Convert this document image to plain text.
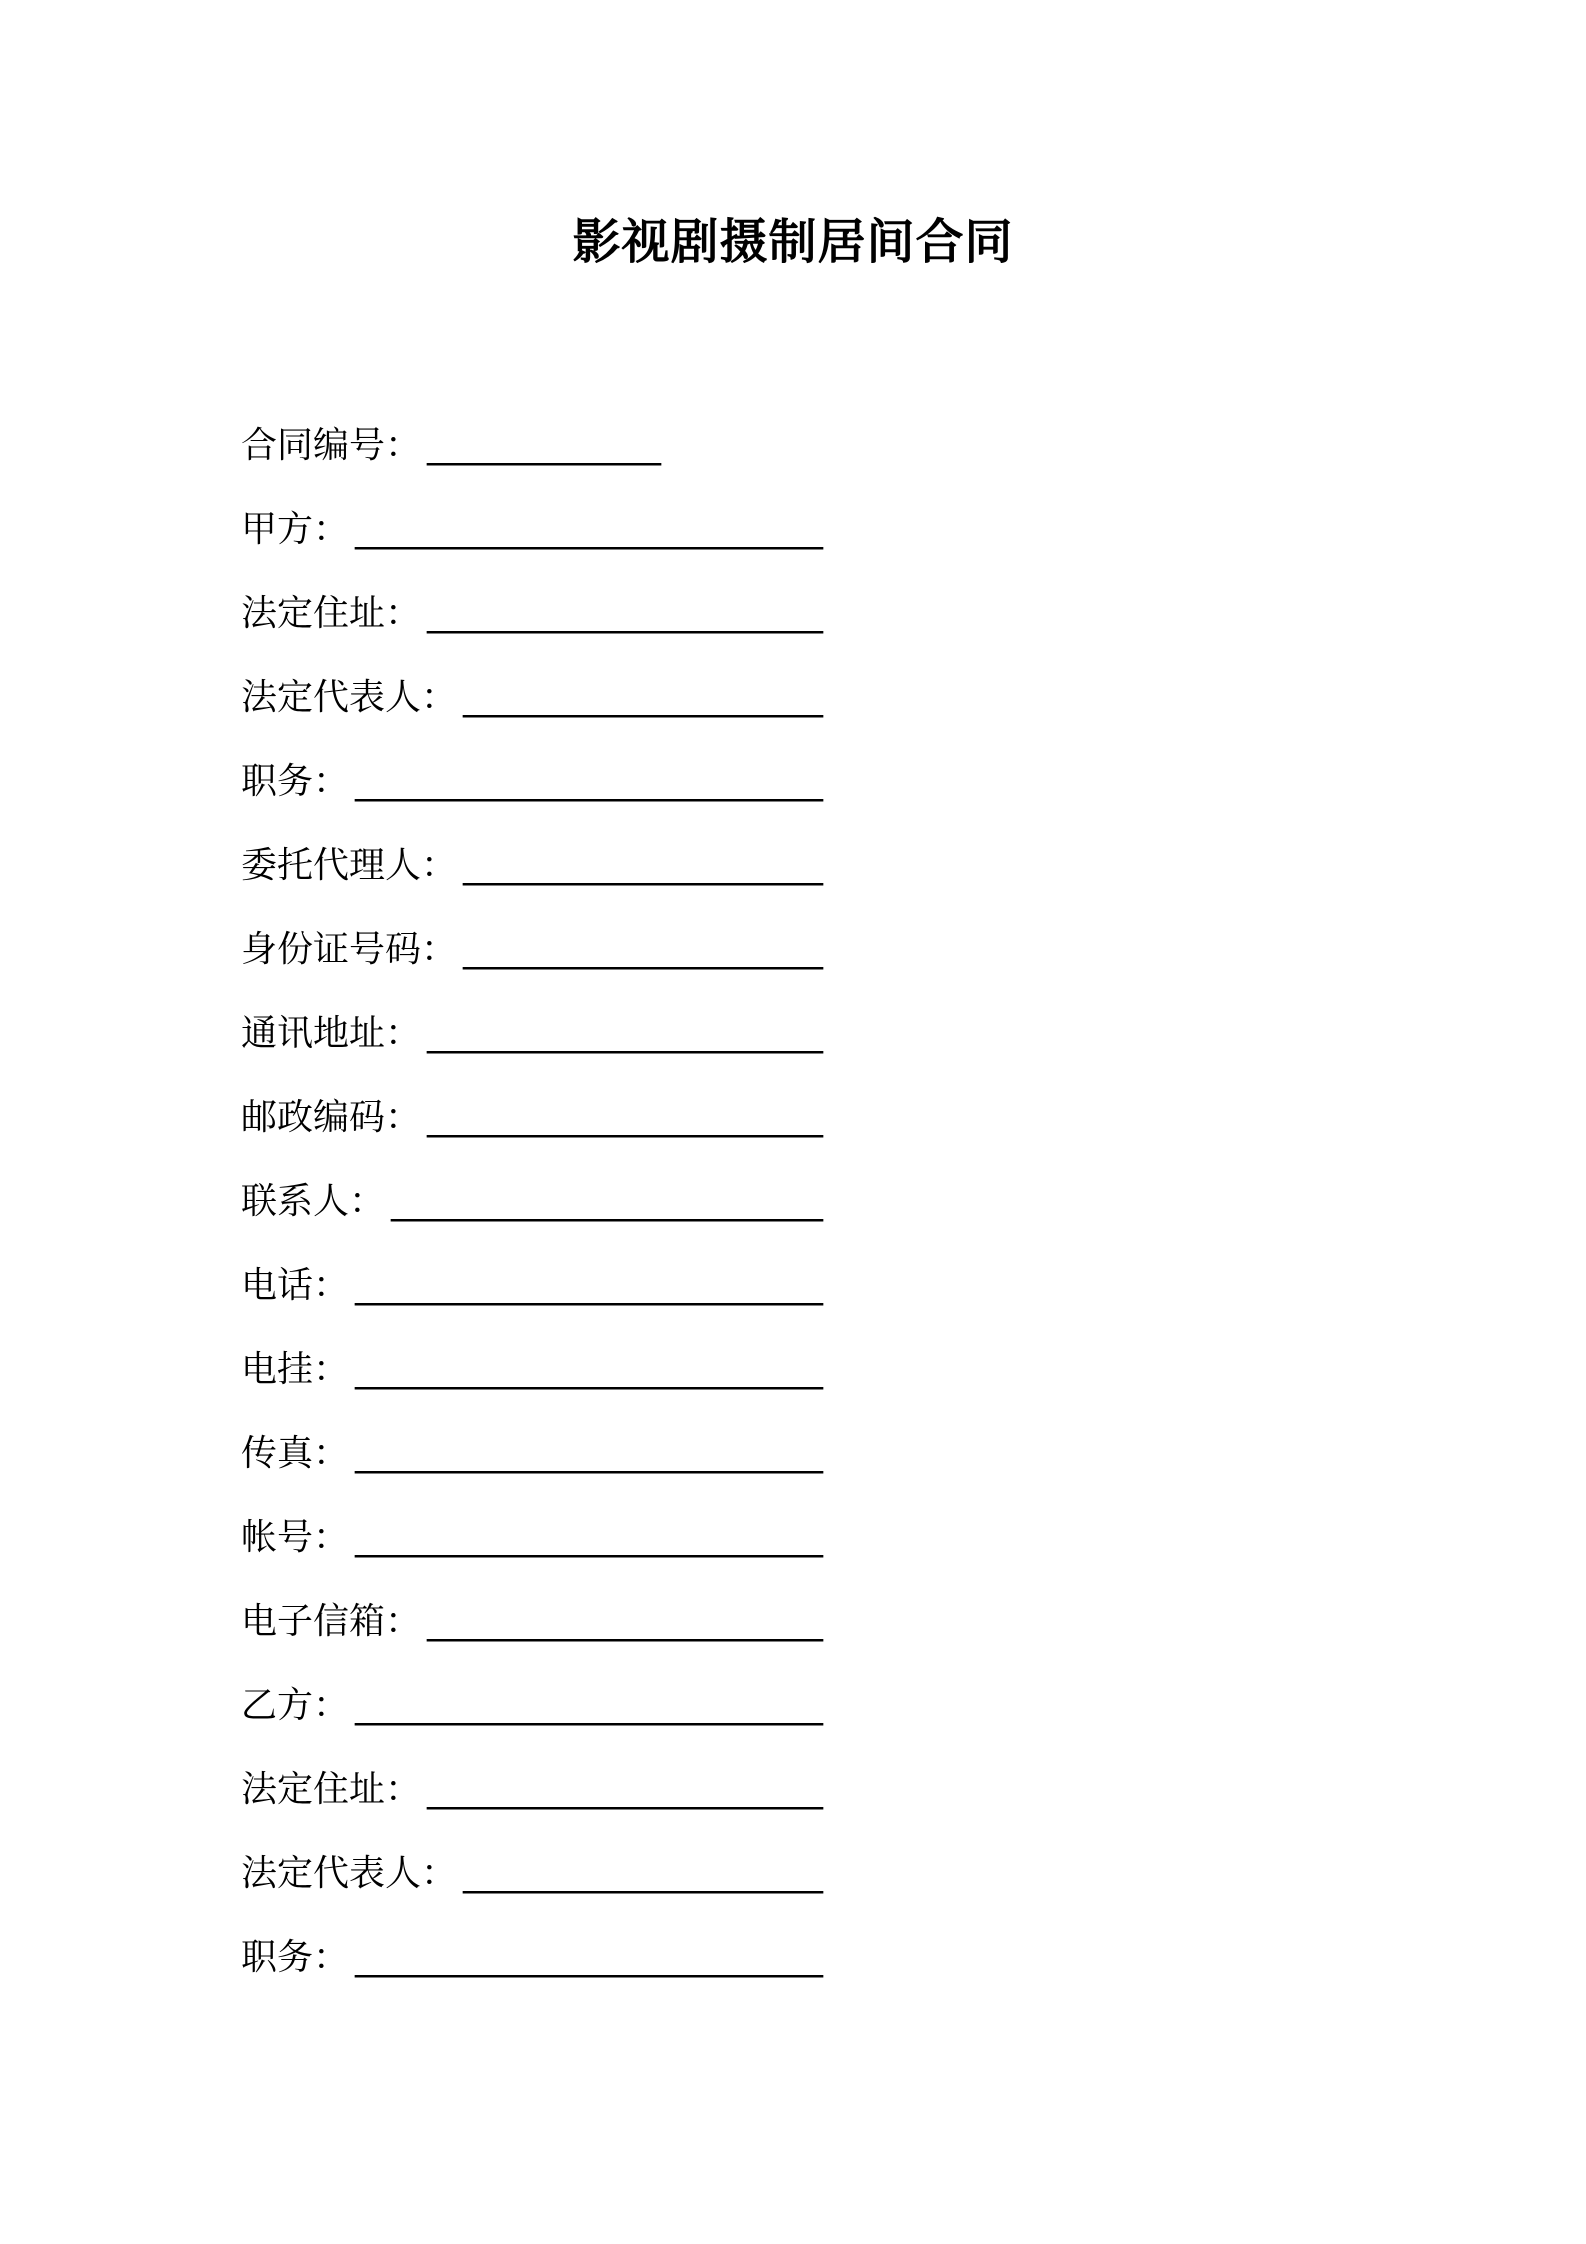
影视剧摄制居间合同
合同编号： _____________
甲方： __________________________
法定住址： ______________________
法定代表人： ____________________
职务： __________________________
委托代理人： ____________________
身份证号码： ____________________
通讯地址： ______________________
邮政编码： ______________________
联系人： ________________________
电话： __________________________
电挂： __________________________
传真： __________________________
帐号： __________________________
电子信箱： ______________________
乙方： __________________________
法定住址： ______________________
法定代表人： ____________________
职务： __________________________
